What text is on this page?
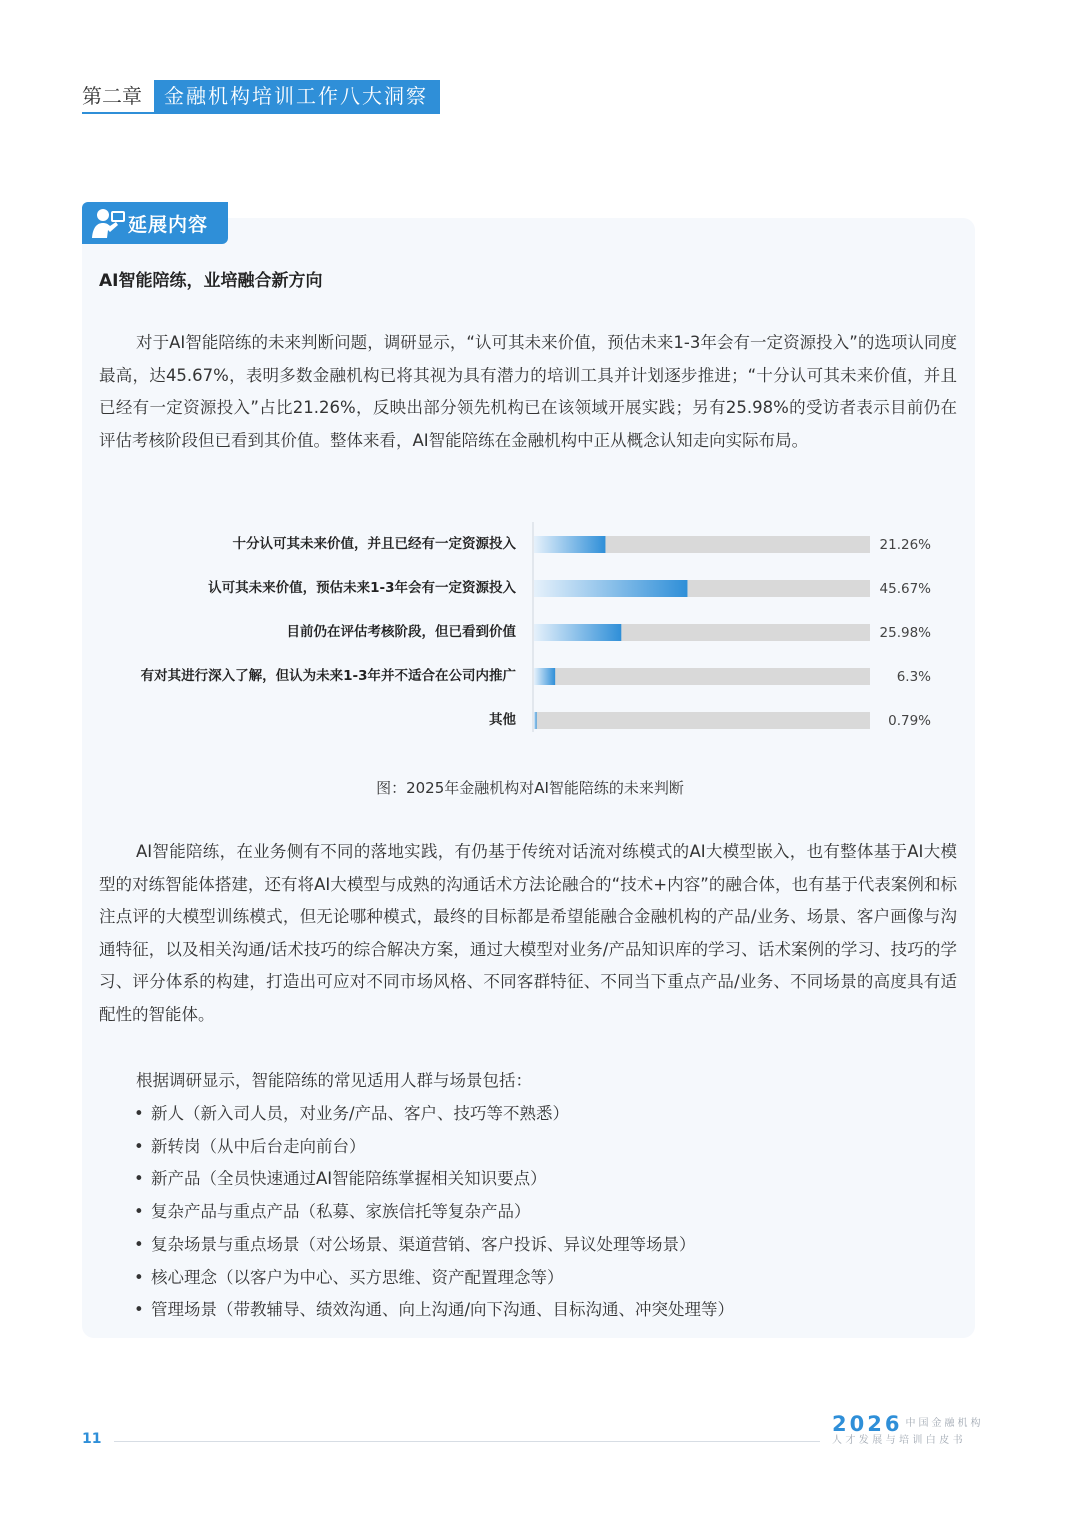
第二章	金融机构培训工作八大洞察
延展内容
AI智能陪练，业培融合新方向

对于AI智能陪练的未来判断问题，调研显示，“认可其未来价值，预估未来1-3年会有一定资源投入”的选项认同度最高，达45.67%，表明多数金融机构已将其视为具有潜力的培训工具并计划逐步推进；“十分认可其未来价值，并且已经有一定资源投入”占比21.26%，反映出部分领先机构已在该领域开展实践；另有25.98%的受访者表示目前仍在评估考核阶段但已看到其价值。整体来看，AI智能陪练在金融机构中正从概念认知走向实际布局。

十分认可其未来价值，并且已经有一定资源投入	21.26%
认可其未来价值，预估未来1-3年会有一定资源投入	45.67%
目前仍在评估考核阶段，但已看到价值	25.98%
有对其进行深入了解，但认为未来1-3年并不适合在公司内推广	6.3%
其他	0.79%
图：2025年金融机构对AI智能陪练的未来判断

AI智能陪练，在业务侧有不同的落地实践，有仍基于传统对话流对练模式的AI大模型嵌入，也有整体基于AI大模型的对练智能体搭建，还有将AI大模型与成熟的沟通话术方法论融合的“技术+内容”的融合体，也有基于代表案例和标注点评的大模型训练模式，但无论哪种模式，最终的目标都是希望能融合金融机构的产品/业务、场景、客户画像与沟通特征，以及相关沟通/话术技巧的综合解决方案，通过大模型对业务/产品知识库的学习、话术案例的学习、技巧的学习、评分体系的构建，打造出可应对不同市场风格、不同客群特征、不同当下重点产品/业务、不同场景的高度具有适配性的智能体。

根据调研显示，智能陪练的常见适用人群与场景包括：
• 新人（新入司人员，对业务/产品、客户、技巧等不熟悉）
• 新转岗（从中后台走向前台）
• 新产品（全员快速通过AI智能陪练掌握相关知识要点）
• 复杂产品与重点产品（私募、家族信托等复杂产品）
• 复杂场景与重点场景（对公场景、渠道营销、客户投诉、异议处理等场景）
• 核心理念（以客户为中心、买方思维、资产配置理念等）
• 管理场景（带教辅导、绩效沟通、向上沟通/向下沟通、目标沟通、冲突处理等）
11
2026 中国金融机构
人才发展与培训白皮书
